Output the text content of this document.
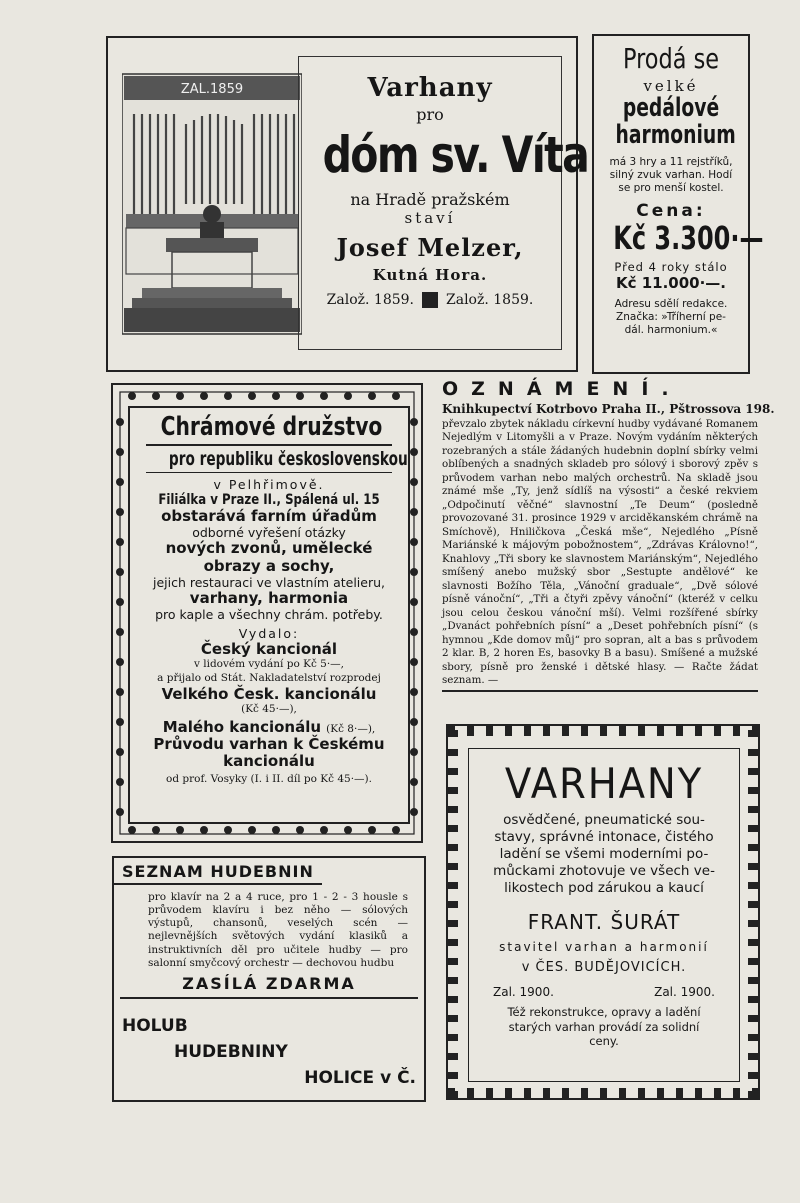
ZAL.1859	Varhany
pro
dóm sv. Víta
na Hradě pražském
staví
Josef Melzer,
Kutná Hora.
Založ. 1859. Založ. 1859.
Prodá se
velké
pedálové
harmonium
má 3 hry a 11 rejstříků,
silný zvuk varhan. Hodí
se pro menší kostel.
Cena:
Kč 3.300·—
Před 4 roky stálo
Kč 11.000·—.
Adresu sdělí redakce.
Značka: »Tříherní pe-
dál. harmonium.«
Chrámové družstvo
pro republiku československou
v Pelhřimově.
Filiálka v Praze II., Spálená ul. 15
obstarává farním úřadům
odborné vyřešení otázky
nových zvonů, umělecké
obrazy a sochy,
jejich restauraci ve vlastním atelieru,
varhany, harmonia
pro kaple a všechny chrám. potřeby.
Vydalo:
Český kancionál
v lidovém vydání po Kč 5·—,
a přijalo od Stát. Nakladatelství rozprodej
Velkého Česk. kancionálu
(Kč 45·—),
Malého kancionálu (Kč 8·—),
Průvodu varhan k Českému
kancionálu
od prof. Vosyky (I. i II. díl po Kč 45·—).
SEZNAM HUDEBNIN
pro klavír na 2 a 4 ruce, pro 1 - 2 - 3 housle s průvodem klavíru i bez něho — sólových výstupů, chansonů, veselých scén — nejlevnějších světových vydání klasiků a instruktivních děl pro učitele hudby — pro salonní smyčcový orchestr — dechovou hudbu
ZASÍLÁ ZDARMA
HOLUB
HUDEBNINY
HOLICE v Č.
OZNÁMENÍ.
Knihkupectví Kotrbovo Praha II., Pštrossova 198.
převzalo zbytek nákladu církevní hudby vydávané Romanem Nejedlým v Litomyšli a v Praze. Novým vydáním některých rozebraných a stále žádaných hudebnin doplní sbírky velmi oblíbených a snadných skladeb pro sólový i sborový zpěv s průvodem varhan nebo malých orchestrů. Na skladě jsou známé mše „Ty, jenž sídlíš na výsosti“ a české rekviem „Odpočinutí věčné“ slavnostní „Te Deum“ (posledně provozované 31. prosince 1929 v arciděkanském chrámě na Smíchově), Hniličkova „Česká mše“, Nejedlého „Písně Mariánské k májovým pobožnostem“, „Zdrávas Královno!“, Knahlovy „Tři sbory ke slavnostem Mariánským“, Nejedlého smíšený anebo mužský sbor „Sestupte andělové“ ke slavnosti Božího Těla, „Vánoční graduale“, „Dvě sólové písně vánoční“, „Tři a čtyři zpěvy vánoční“ (kteréž v celku jsou celou českou vánoční mší). Velmi rozšířené sbírky „Dvanáct pohřebních písní“ a „Deset pohřebních písní“ (s hymnou „Kde domov můj“ pro sopran, alt a bas s průvodem 2 klar. B, 2 horen Es, basovky B a basu). Smíšené a mužské sbory, písně pro ženské i dětské hlasy. — Račte žádat seznam. —
VARHANY
osvědčené, pneumatické sou-
stavy, správné intonace, čistého
ladění se všemi moderními po-
můckami zhotovuje ve všech ve-
likostech pod zárukou a kaucí
FRANT. ŠURÁT
stavitel varhan a harmonií
v ČES. BUDĚJOVICÍCH.
Zal. 1900.	Zal. 1900.
Též rekonstrukce, opravy a ladění
starých varhan provádí za solidní
ceny.
